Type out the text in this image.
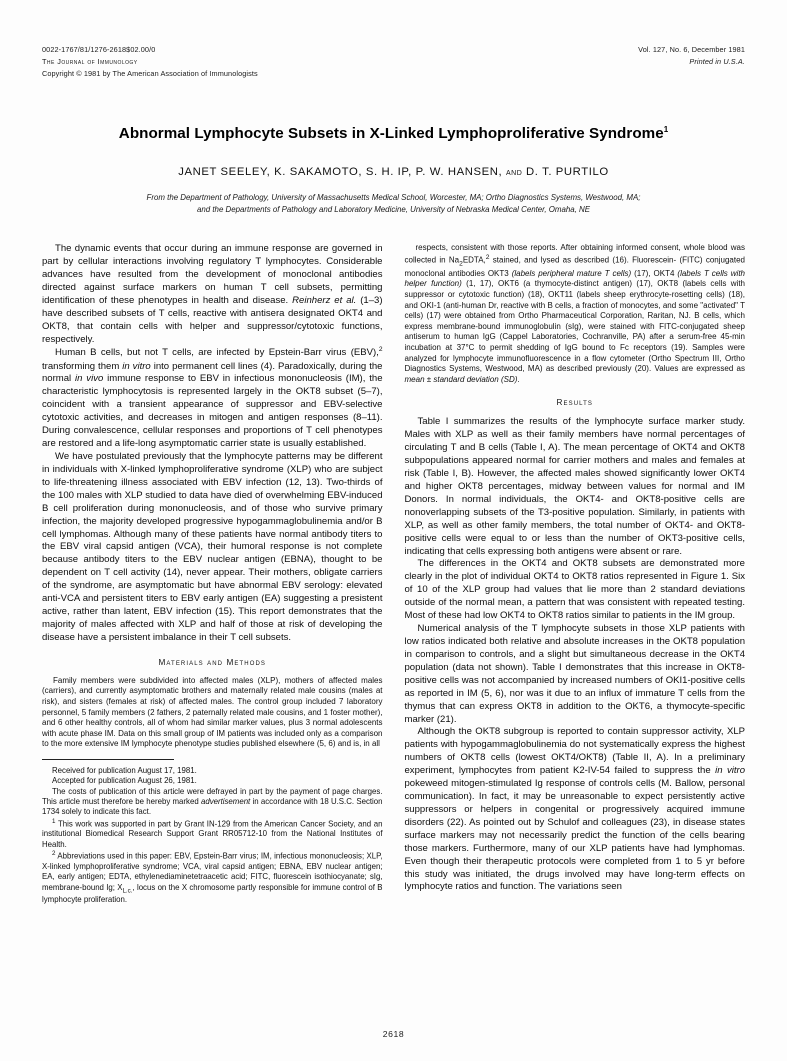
0022-1767/81/1276-2618$02.00/0
The Journal of Immunology
Copyright © 1981 by The American Association of Immunologists
Vol. 127, No. 6, December 1981
Printed in U.S.A.
Abnormal Lymphocyte Subsets in X-Linked Lymphoproliferative Syndrome$^1$
JANET SEELEY, K. SAKAMOTO, S. H. IP, P. W. HANSEN, and D. T. PURTILO
From the Department of Pathology, University of Massachusetts Medical School, Worcester, MA; Ortho Diagnostics Systems, Westwood, MA;
and the Departments of Pathology and Laboratory Medicine, University of Nebraska Medical Center, Omaha, NE

The dynamic events that occur during an immune response are governed in part by cellular interactions involving regulatory T lymphocytes. Considerable advances have resulted from the development of monoclonal antibodies directed against surface markers on human T cell subsets, permitting identification of these phenotypes in health and disease. Reinherz et al. (1–3) have described subsets of T cells, reactive with antisera designated OKT4 and OKT8, that contain cells with helper and suppressor/cytotoxic functions, respectively.

Human B cells, but not T cells, are infected by Epstein-Barr virus (EBV),$^2$ transforming them in vitro into permanent cell lines (4). Paradoxically, during the normal in vivo immune response to EBV in infectious mononucleosis (IM), the characteristic lymphocytosis is represented largely in the OKT8 subset (5–7), coincident with a transient appearance of suppressor and EBV-selective cytotoxic activities, and decreases in mitogen and antigen responses (8–11). During convalescence, cellular responses and proportions of T cell phenotypes are restored and a life-long asymptomatic carrier state is usually established.

We have postulated previously that the lymphocyte patterns may be different in individuals with X-linked lymphoproliferative syndrome (XLP) who are subject to life-threatening illness associated with EBV infection (12, 13). Two-thirds of the 100 males with XLP studied to data have died of overwhelming EBV-induced B cell proliferation during mononucleosis, and of those who survive primary infection, the majority developed progressive hypogammaglobulinemia and/or B cell lymphomas. Although many of these patients have normal antibody titers to the EBV viral capsid antigen (VCA), their humoral response is not complete because antibody titers to the EBV nuclear antigen (EBNA), thought to be dependent on T cell activity (14), never appear. Their mothers, obligate carriers of the syndrome, are asymptomatic but have abnormal EBV serology: elevated anti-VCA and persistent titers to EBV early antigen (EA) suggesting a presistent active, rather than latent, EBV infection (15). This report demonstrates that the majority of males affected with XLP and half of those at risk of developing the disease have a persistent imbalance in their T cell subsets.

Materials and Methods

Family members were subdivided into affected males (XLP), mothers of affected males (carriers), and currently asymptomatic brothers and maternally related male cousins (males at risk), and sisters (females at risk) of affected males. The control group included 7 laboratory personnel, 5 family members (2 fathers, 2 paternally related male cousins, and 1 foster mother), and 6 other healthy controls, all of whom had similar marker values, plus 3 normal adolescents with acute phase IM. Data on this small group of IM patients was included only as a comparison to the more extensive IM lymphocyte phenotype studies published elsewhere (5, 6) and is, in all

Received for publication August 17, 1981.

Accepted for publication August 26, 1981.

The costs of publication of this article were defrayed in part by the payment of page charges. This article must therefore be hereby marked advertisement in accordance with 18 U.S.C. Section 1734 solely to indicate this fact.

$^1$ This work was supported in part by Grant IN-129 from the American Cancer Society, and an institutional Biomedical Research Support Grant RR05712-10 from the National Institutes of Health.

$^2$ Abbreviations used in this paper: EBV, Epstein-Barr virus; IM, infectious mononucleosis; XLP, X-linked lymphoproliferative syndrome; VCA, viral capsid antigen; EBNA, EBV nuclear antigen; EA, early antigen; EDTA, ethylenediaminetetraacetic acid; FITC, fluorescein isothiocyanate; sIg, membrane-bound Ig; $X_{L.c.}$, locus on the X chromosome partly responsible for immune control of B lymphocyte proliferation.

respects, consistent with those reports. After obtaining informed consent, whole blood was collected in $Na_2EDTA,^2$ stained, and lysed as described (16). Fluorescein- (FITC) conjugated monoclonal antibodies OKT3 (labels peripheral mature T cells) (17), OKT4 (labels T cells with helper function) (1, 17), OKT6 (a thymocyte-distinct antigen) (17), OKT8 (labels cells with suppressor or cytotoxic function) (18), OKT11 (labels sheep erythrocyte-rosetting cells) (18), and OKI-1 (anti-human Dr, reactive with B cells, a fraction of monocytes, and some "activated" T cells) (17) were obtained from Ortho Pharmaceutical Corporation, Raritan, NJ. B cells, which express membrane-bound immunoglobulin (sIg), were stained with FITC-conjugated sheep antiserum to human IgG (Cappel Laboratories, Cochranville, PA) after a serum-free 45-min incubation at 37°C to permit shedding of IgG bound to Fc receptors (19). Samples were analyzed for lymphocyte immunofluorescence in a flow cytometer (Ortho Spectrum III, Ortho Diagnostics Systems, Westwood, MA) as described previously (20). Values are expressed as mean ± standard deviation (SD).

Results

Table I summarizes the results of the lymphocyte surface marker study. Males with XLP as well as their family members have normal percentages of circulating T and B cells (Table I, A). The mean percentage of OKT4 and OKT8 subpopulations appeared normal for carrier mothers and males and females at risk (Table I, B). However, the affected males showed significantly lower OKT4 and higher OKT8 percentages, midway between values for normal and IM Donors. In normal individuals, the OKT4- and OKT8-positive cells are nonoverlapping subsets of the T3-positive population. Similarly, in patients with XLP, as well as other family members, the total number of OKT4- and OKT8-positive cells were equal to or less than the number of OKT3-positive cells, indicating that cells expressing both antigens were absent or rare.

The differences in the OKT4 and OKT8 subsets are demonstrated more clearly in the plot of individual OKT4 to OKT8 ratios represented in Figure 1. Six of 10 of the XLP group had values that lie more than 2 standard deviations outside of the normal mean, a pattern that was consistent with repeated testing. Most of these had low OKT4 to OKT8 ratios similar to patients in the IM group.

Numerical analysis of the T lymphocyte subsets in those XLP patients with low ratios indicated both relative and absolute increases in the OKT8 population in comparison to controls, and a slight but simultaneous decrease in the OKT4 population (data not shown). Table I demonstrates that this increase in OKT8-positive cells was not accompanied by increased numbers of OKI1-positive cells as reported in IM (5, 6), nor was it due to an influx of immature T cells from the thymus that can express OKT8 in addition to the OKT6, a thymocyte-specific marker (21).

Although the OKT8 subgroup is reported to contain suppressor activity, XLP patients with hypogammaglobulinemia do not systematically express the highest numbers of OKT8 cells (lowest OKT4/OKT8) (Table II, A). In a preliminary experiment, lymphocytes from patient K2-IV-54 failed to suppress the in vitro pokeweed mitogen-stimulated Ig response of controls cells (M. Ballow, personal communication). In fact, it may be unreasonable to expect persistently active suppressors or helpers in congenital or progressively acquired immune disorders (22). As pointed out by Schulof and colleagues (23), in disease states surface markers may not necessarily predict the function of the cells bearing those markers. Furthermore, many of our XLP patients have had lymphomas. Even though their therapeutic protocols were completed from 1 to 5 yr before this study was initiated, the drugs involved may have long-term effects on lymphocyte ratios and function. The variations seen

2618
